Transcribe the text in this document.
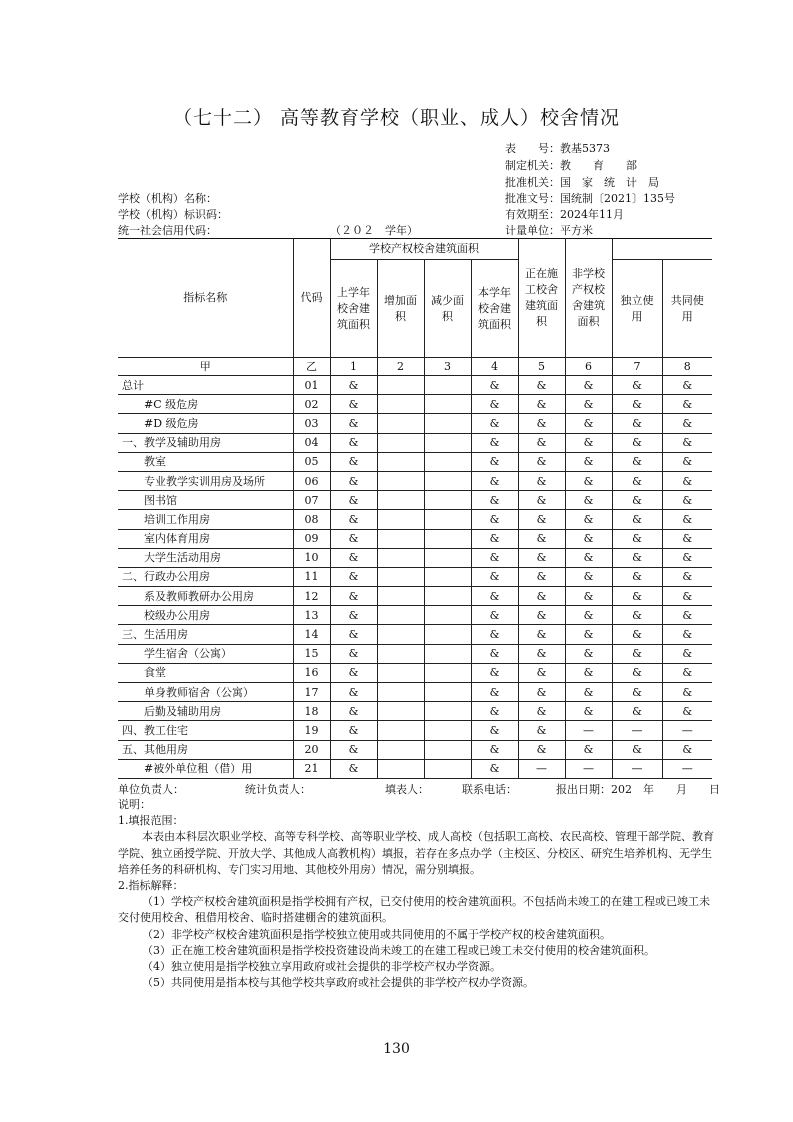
（七十二） 高等教育学校（职业、成人）校舍情况
表　　号：教基5373
制定机关：教　　育　　部
批准机关：国　家　统　计　局
批准文号：国统制〔2021〕135号
有效期至：2024年11月
计量单位：平方米
学校（机构）名称：
学校（机构）标识码：
统一社会信用代码：	（２０２　学年）
指标名称	代码	学校产权校舍建筑面积				正在施工校舍建筑面积	非学校产权校舍建筑面积		
		上学年校舍建筑面积	增加面积	减少面积	本学年校舍建筑面积			独立使用	共同使用
甲	乙	1	2	3	4	5	6	7	8
总计	01	&			&	&	&	&	&
　　#C 级危房	02	&			&	&	&	&	&
　　#D 级危房	03	&			&	&	&	&	&
一、教学及辅助用房	04	&			&	&	&	&	&
　　教室	05	&			&	&	&	&	&
　　专业教学实训用房及场所	06	&			&	&	&	&	&
　　图书馆	07	&			&	&	&	&	&
　　培训工作用房	08	&			&	&	&	&	&
　　室内体育用房	09	&			&	&	&	&	&
　　大学生活动用房	10	&			&	&	&	&	&
二、行政办公用房	11	&			&	&	&	&	&
　　系及教师教研办公用房	12	&			&	&	&	&	&
　　校级办公用房	13	&			&	&	&	&	&
三、生活用房	14	&			&	&	&	&	&
　　学生宿舍（公寓）	15	&			&	&	&	&	&
　　食堂	16	&			&	&	&	&	&
　　单身教师宿舍（公寓）	17	&			&	&	&	&	&
　　后勤及辅助用房	18	&			&	&	&	&	&
四、教工住宅	19	&			&	&	—	—	—
五、其他用房	20	&			&	&	&	&	&
　　#被外单位租（借）用	21	&			&	—	—	—	—
单位负责人：	统计负责人：	填表人：	联系电话：	报出日期：202　年　　月　　日

说明：

1.填报范围：

本表由本科层次职业学校、高等专科学校、高等职业学校、成人高校（包括职工高校、农民高校、管理干部学院、教育学院、独立函授学院、开放大学、其他成人高教机构）填报，若存在多点办学（主校区、分校区、研究生培养机构、无学生培养任务的科研机构、专门实习用地、其他校外用房）情况，需分别填报。

2.指标解释：

（1）学校产权校舍建筑面积是指学校拥有产权，已交付使用的校舍建筑面积。不包括尚未竣工的在建工程或已竣工未交付使用校舍、租借用校舍、临时搭建棚舍的建筑面积。

（2）非学校产权校舍建筑面积是指学校独立使用或共同使用的不属于学校产权的校舍建筑面积。

（3）正在施工校舍建筑面积是指学校投资建设尚未竣工的在建工程或已竣工未交付使用的校舍建筑面积。

（4）独立使用是指学校独立享用政府或社会提供的非学校产权办学资源。

（5）共同使用是指本校与其他学校共享政府或社会提供的非学校产权办学资源。

130
